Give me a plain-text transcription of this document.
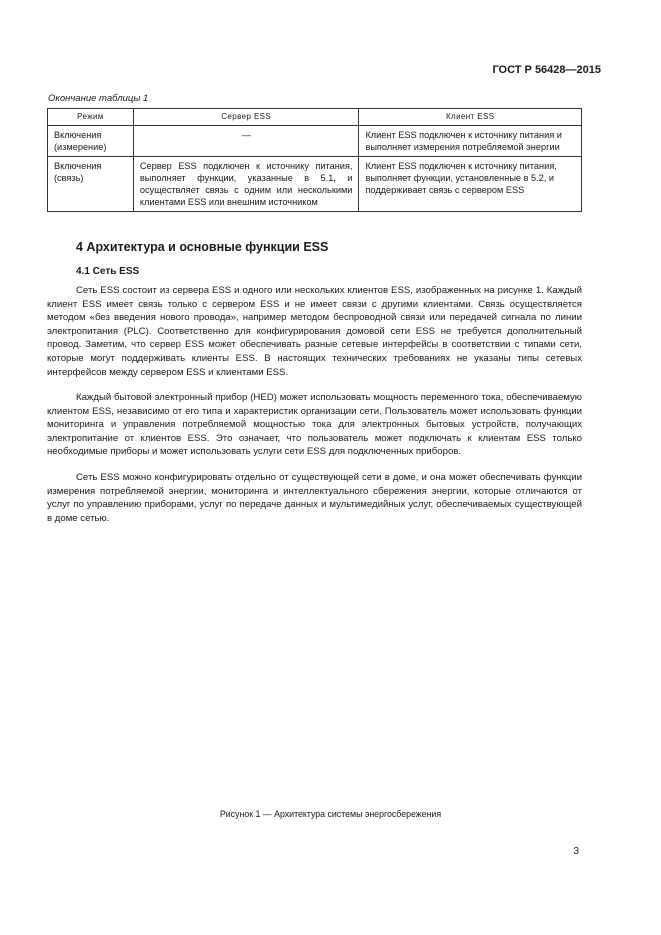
ГОСТ Р 56428—2015
Окончание таблицы 1
Режим	Сервер ESS	Клиент ESS
Включения (измерение)	—	Клиент ESS подключен к источнику питания и выполняет измерения потребляемой энергии
Включения (связь)	Сервер ESS подключен к источнику питания, выполняет функции, указанные в 5.1, и осуществляет связь с одним или несколькими клиентами ESS или внешним источником	Клиент ESS подключен к источнику питания, выполняет функции, установленные в 5.2, и поддерживает связь с сервером ESS
4 Архитектура и основные функции ESS
4.1 Сеть ESS

Сеть ESS состоит из сервера ESS и одного или нескольких клиентов ESS, изображенных на рисунке 1. Каждый клиент ESS имеет связь только с сервером ESS и не имеет связи с другими клиентами. Связь осуществляется методом «без введения нового провода», например методом беспроводной связи или передачей сигнала по линии электропитания (PLC). Соответственно для конфигурирования домовой сети ESS не требуется дополнительный провод. Заметим, что сервер ESS может обеспечивать разные сетевые интерфейсы в соответствии с типами сети, которые могут поддерживать клиенты ESS. В настоящих технических требованиях не указаны типы сетевых интерфейсов между сервером ESS и клиентами ESS.

Каждый бытовой электронный прибор (HED) может использовать мощность переменного тока, обеспечиваемую клиентом ESS, независимо от его типа и характеристик организации сети. Пользователь может использовать функции мониторинга и управления потребляемой мощностью тока для электронных бытовых устройств, получающих электропитание от клиентов ESS. Это означает, что пользователь может подключать к клиентам ESS только необходимые приборы и может использовать услуги сети ESS для подключенных приборов.

Сеть ESS можно конфигурировать отдельно от существующей сети в доме, и она может обеспечивать функции измерения потребляемой энергии, мониторинга и интеллектуального сбережения энергии, которые отличаются от услуг по управлению приборами, услуг по передаче данных и мультимедийных услуг, обеспечиваемых существующей в доме сетью.

Рисунок 1 — Архитектура системы энергосбережения
3
